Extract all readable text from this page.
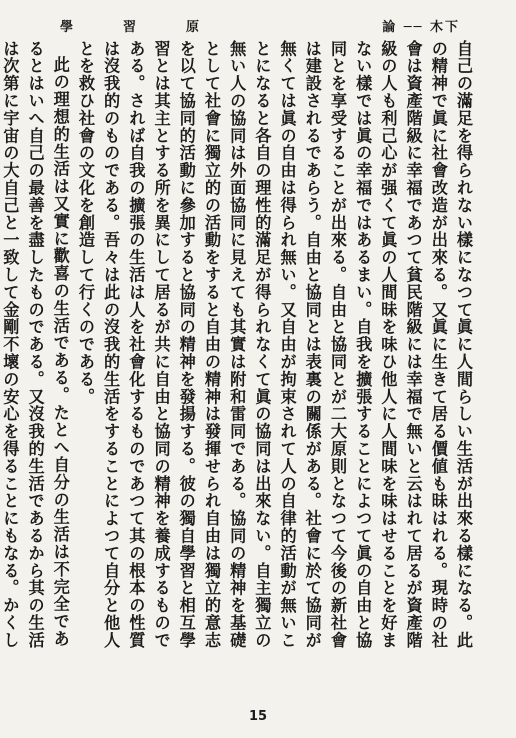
學	習	原	論 ── 木下

自己の滿足を得られない樣になつて眞に人間らしい生活が出來る樣になる。此の精神で眞に社會改造が出來る。又眞に生きて居る價値も昧はれる。現時の社會は資產階級に幸福であつて貧民階級には幸福で無いと云はれて居るが資產階級の人も利己心が强くて眞の人間昧を味ひ他人に人間味を味はせることを好まない樣では眞の幸福ではあるまい。自我を擴張することによつて眞の自由と協同とを享受することが出來る。自由と協同とが二大原則となつて今後の新社會は建設されるであらう。自由と協同とは表裏の關係がある。社會に於て協同が無くては眞の自由は得られ無い。又自由が拘束されて人の自律的活動が無いことになると各自の理性的滿足が得られなくて眞の協同は出來ない。自主獨立の無い人の協同は外面協同に見えても其實は附和雷同である。協同の精神を基礎として社會に獨立的の活動をすると自由の精神は發揮せられ自由は獨立的意志を以て協同的活動に參加すると協同の精神を發揚する。彼の獨自學習と相互學習とは其主とする所を異にして居るが共に自由と協同の精神を養成するものである。されば自我の擴張の生活は人を社會化するものであつて其の根本の性質は沒我的のものである。吾々は此の沒我的生活をすることによつて自分と他人とを救ひ社會の文化を創造して行くのである。

此の理想的生活は又實に歡喜の生活である。たとへ自分の生活は不完全であるとはいへ自己の最善を盡したものである。又沒我的生活であるから其の生活は次第に宇宙の大自己と一致して金剛不壞の安心を得ることにもなる。かくし

15
